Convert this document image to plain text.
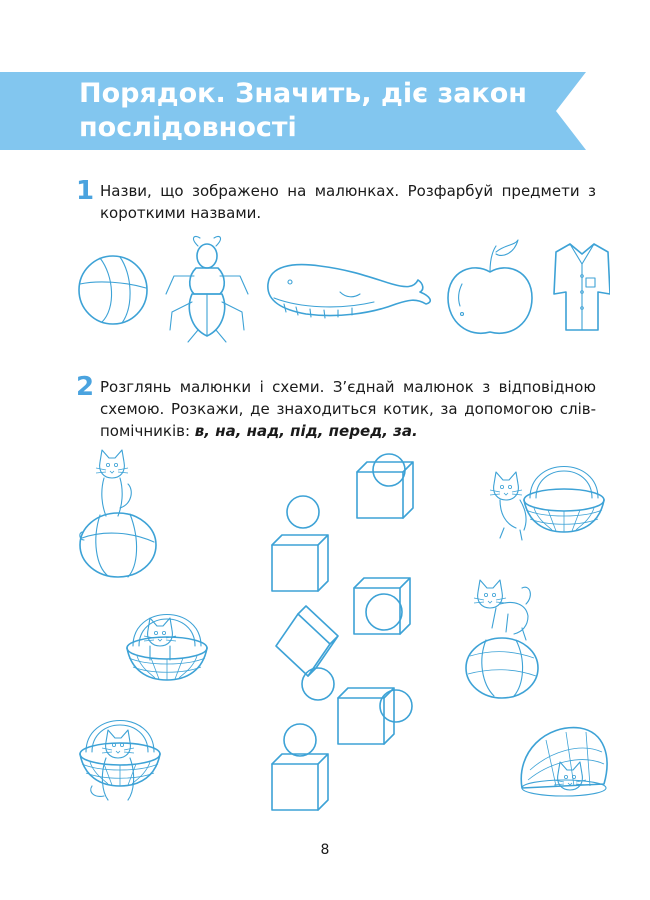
Порядок. Значить, діє закон послідовності
1 Назви, що зображено на малюнках. Розфарбуй предмети з короткими назвами.
2 Розглянь малюнки і схеми. З’єднай малюнок з відповідною схемою. Розкажи, де знаходиться котик, за допомогою слів-помічників: в, на, над, під, перед, за.
8
